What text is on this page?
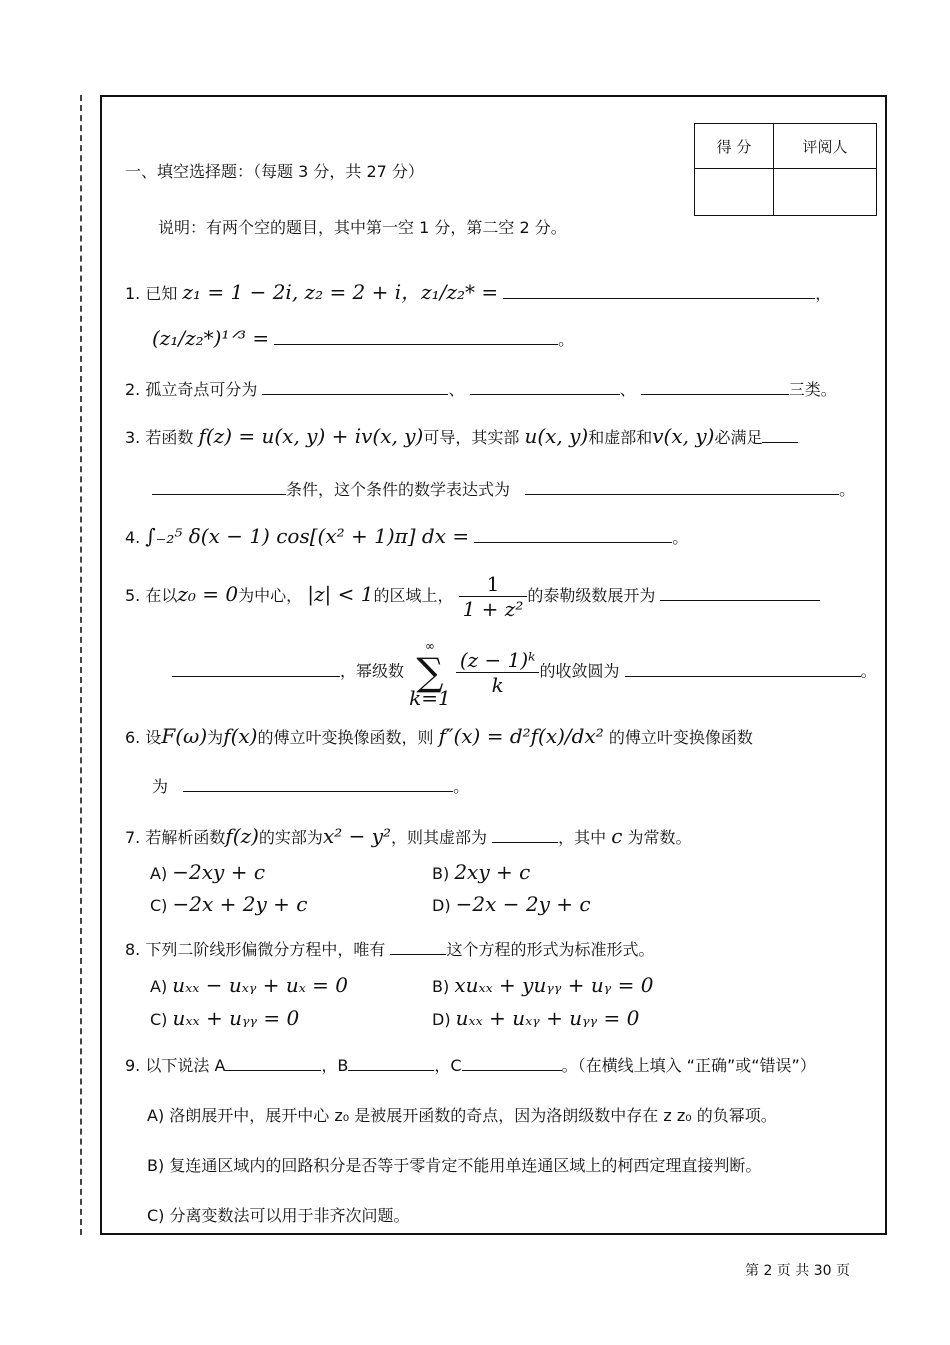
得 分	评阅人

一、填空选择题：（每题 3 分，共 27 分）
说明：有两个空的题目，其中第一空 1 分，第二空 2 分。
1. 已知 z₁ = 1 − 2i, z₂ = 2 + i，z₁/z₂* =	，
(z₁/z₂*)¹ᐟ³ =	。
2. 孤立奇点可分为	、	、	三类。
3. 若函数 f(z) = u(x, y) + iv(x, y)可导，其实部 u(x, y)和虚部和v(x, y)必满足
条件，这个条件的数学表达式为	。
4. ∫₋₂⁵ δ(x − 1) cos[(x² + 1)π] dx =	。
5. 在以z₀ = 0为中心， |z| < 1的区域上， $\frac{1}{\text{1 + z²}}$ 的泰勒级数展开为
，幂级数
∞
∑
k=1

$\frac{\text{(z − 1)ᵏ}}{k}$ 的收敛圆为	。
6. 设F(ω)为f(x)的傅立叶变换像函数，则 f″(x) = d²f(x)/dx² 的傅立叶变换像函数
为	。
7. 若解析函数f(z)的实部为x² − y²，则其虚部为	，其中 c 为常数。
A) −2xy + c	B) 2xy + c
C) −2x + 2y + c	D) −2x − 2y + c
8. 下列二阶线形偏微分方程中，唯有	这个方程的形式为标准形式。
A) uₓₓ − uₓᵧ + uₓ = 0	B) xuₓₓ + yuᵧᵧ + uᵧ = 0
C) uₓₓ + uᵧᵧ = 0	D) uₓₓ + uₓᵧ + uᵧᵧ = 0
9. 以下说法 A	，B	，C	。（在横线上填入 “正确”或“错误”）
A) 洛朗展开中，展开中心 z₀ 是被展开函数的奇点，因为洛朗级数中存在 z z₀ 的负幂项。
B) 复连通区域内的回路积分是否等于零肯定不能用单连通区域上的柯西定理直接判断。
C) 分离变数法可以用于非齐次问题。
第 2 页 共 30 页
